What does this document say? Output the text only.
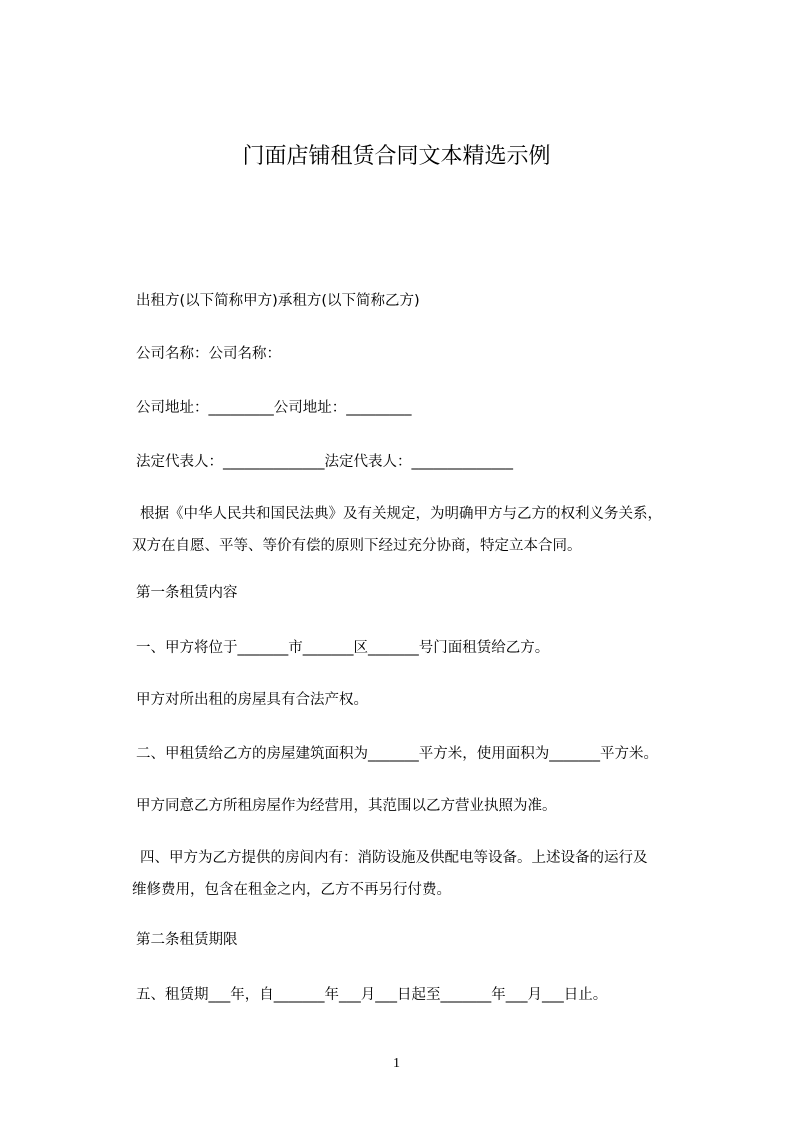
门面店铺租赁合同文本精选示例
出租方(以下简称甲方)承租方(以下简称乙方)
公司名称：公司名称：
公司地址：_________公司地址：_________
法定代表人：______________法定代表人：______________
根据《中华人民共和国民法典》及有关规定，为明确甲方与乙方的权利义务关系，
双方在自愿、平等、等价有偿的原则下经过充分协商，特定立本合同。
第一条租赁内容
一、甲方将位于_______市_______区_______号门面租赁给乙方。
甲方对所出租的房屋具有合法产权。
二、甲租赁给乙方的房屋建筑面积为_______平方米，使用面积为_______平方米。
甲方同意乙方所租房屋作为经营用，其范围以乙方营业执照为准。
四、甲方为乙方提供的房间内有：消防设施及供配电等设备。上述设备的运行及
维修费用，包含在租金之内，乙方不再另行付费。
第二条租赁期限
五、租赁期___年，自_______年___月___日起至_______年___月___日止。
1
